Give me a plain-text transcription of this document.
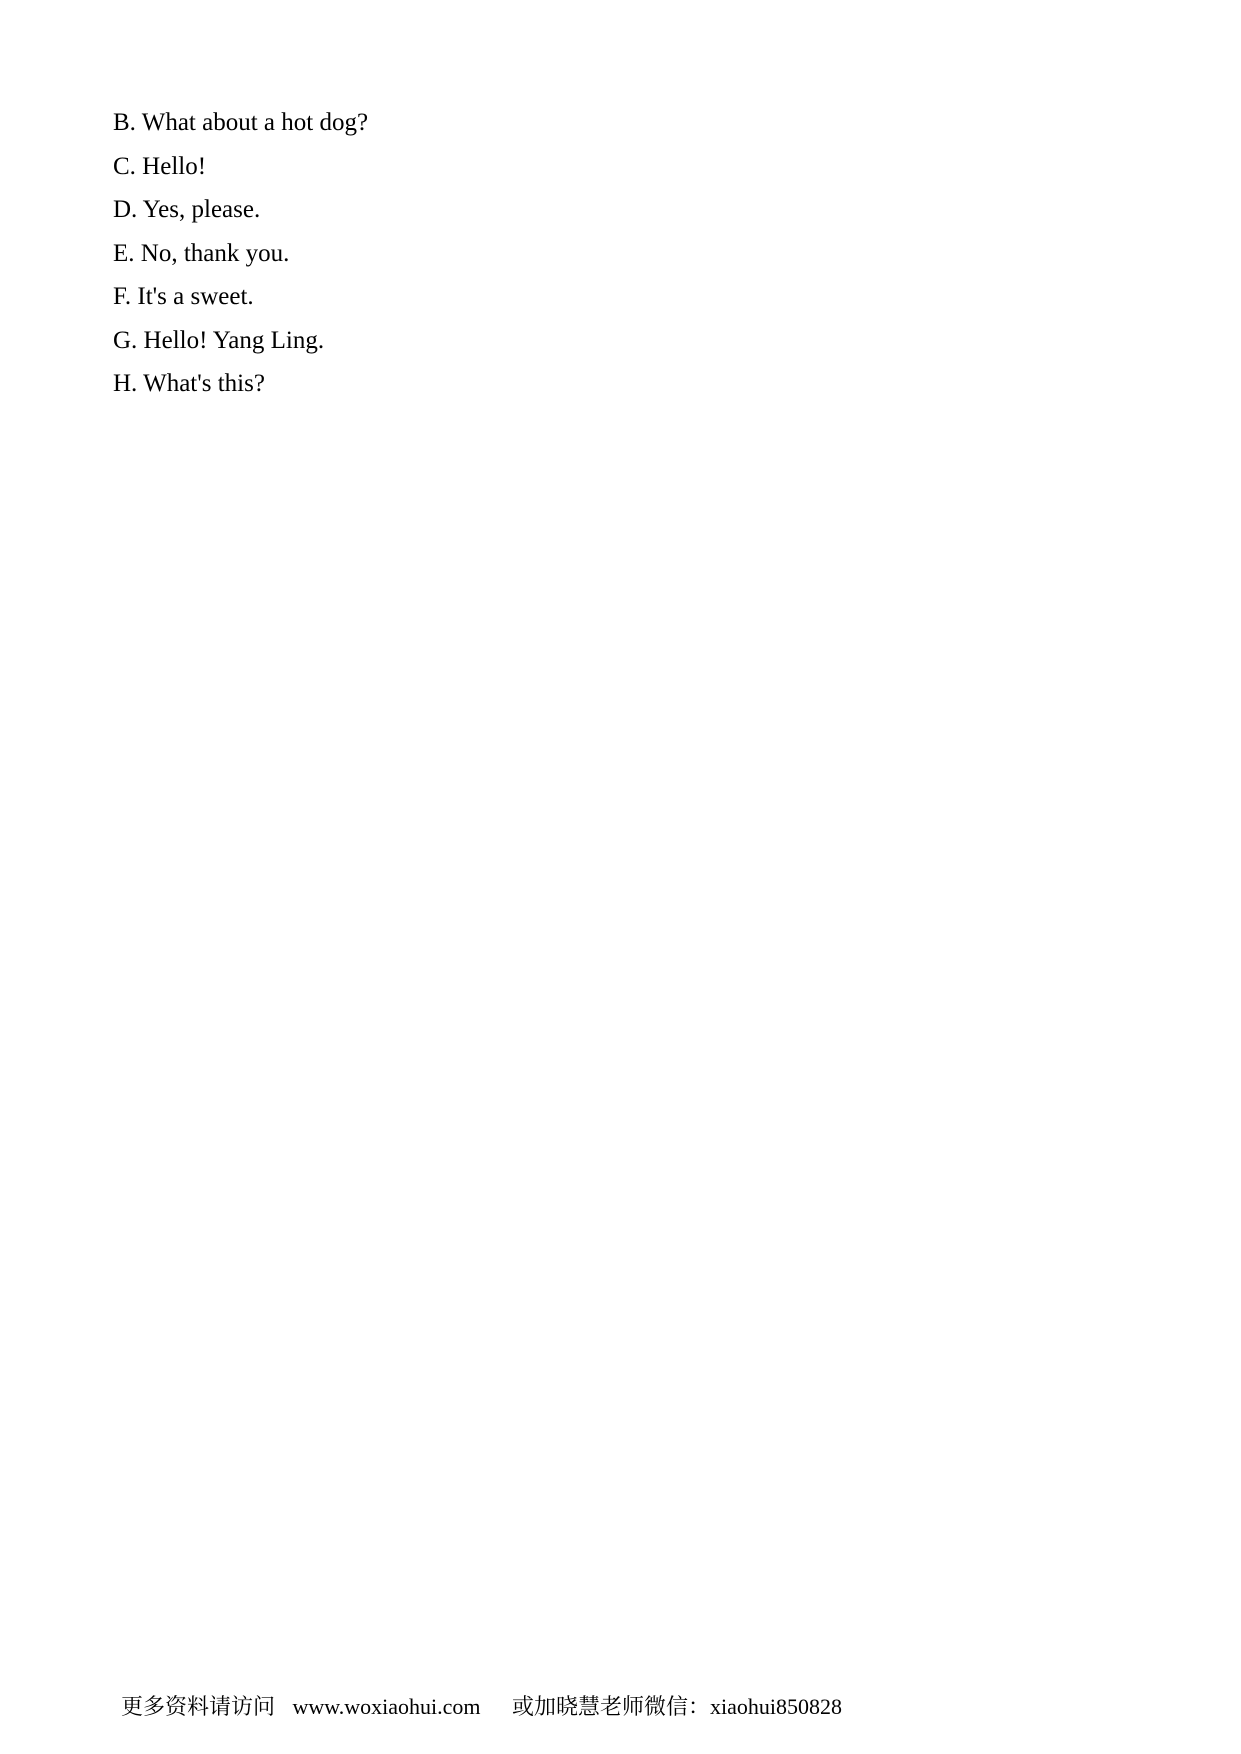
B. What about a hot dog?

C. Hello!

D. Yes, please.

E. No, thank you.

F. It's a sweet.

G. Hello! Yang Ling.

H. What's this?

更多资料请访问 www.woxiaohui.com 或加晓慧老师微信：xiaohui850828
